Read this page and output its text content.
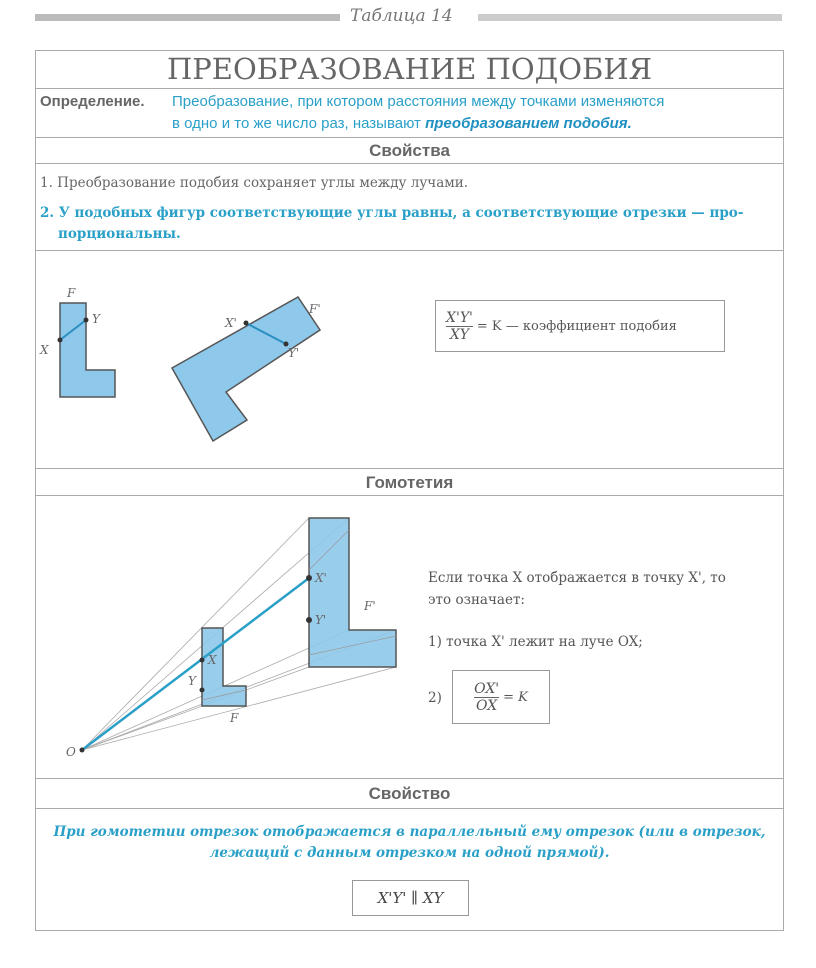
Таблица 14
ПРЕОБРАЗОВАНИЕ ПОДОБИЯ
Определение. Преобразование, при котором расстояния между точками изменяются
в одно и то же число раз, называют преобразованием подобия.
Свойства
1. Преобразование подобия сохраняет углы между лучами.
2. У подобных фигур соответствующие углы равны, а соответствующие отрезки — про-
порциональны.
F
X
Y
F'
X'
Y'
O
X
Y
F
X'
Y'
F'
$\frac{X'Y'}{XY} = K$ — коэффициент подобия
Гомотетия
Если точка X отображается в точку X', то
это означает:
1) точка X' лежит на луче OX;
$2) \frac{OX'}{OX} = K$
Свойство
При гомотетии отрезок отображается в параллельный ему отрезок (или в отрезок,
лежащий с данным отрезком на одной прямой).
X'Y' ∥ XY
